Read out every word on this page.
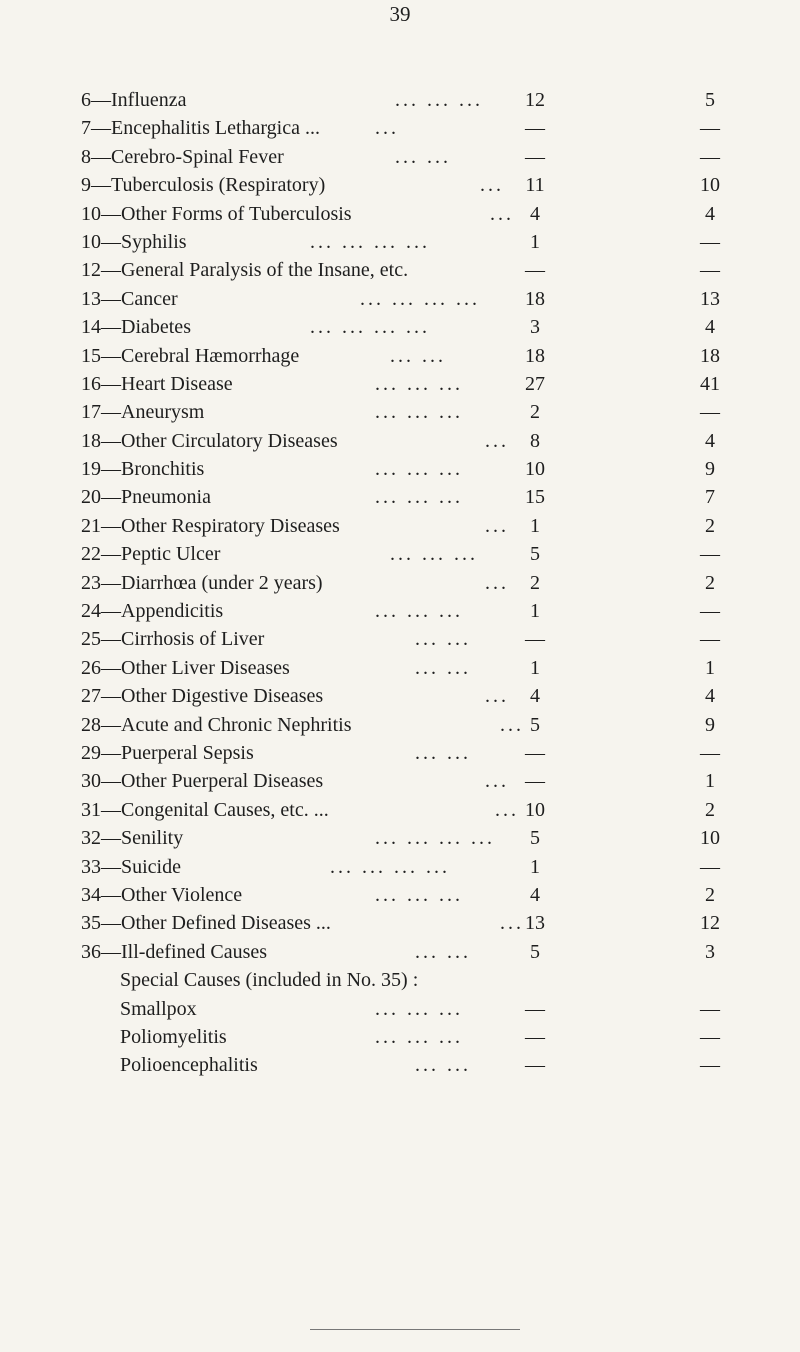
39
6—Influenza	... ... ...	12	5
7—Encephalitis Lethargica ...	...	—	—
8—Cerebro-Spinal Fever	... ...	—	—
9—Tuberculosis (Respiratory)	...	11	10
10—Other Forms of Tuberculosis	... 4	4
10—Syphilis	... ... ... ...	1	—
12—General Paralysis of the Insane, etc.	—	—
13—Cancer	... ... ... ...	18	13
14—Diabetes	... ... ... ...	3	4
15—Cerebral Hæmorrhage	... ...	18	18
16—Heart Disease	... ... ...	27	41
17—Aneurysm	... ... ...	2	—
18—Other Circulatory Diseases	...	8	4
19—Bronchitis	... ... ...	10	9
20—Pneumonia	... ... ...	15	7
21—Other Respiratory Diseases	...	1	2
22—Peptic Ulcer	... ... ...	5	—
23—Diarrhœa (under 2 years)	...	2	2
24—Appendicitis	... ... ...	1	—
25—Cirrhosis of Liver	... ...	—	—
26—Other Liver Diseases	... ...	1	1
27—Other Digestive Diseases	...	4	4
28—Acute and Chronic Nephritis	... 5	9
29—Puerperal Sepsis	... ...	—	—
30—Other Puerperal Diseases	... —	1
31—Congenital Causes, etc. ...	... 10	2
32—Senility	... ... ... ...	5	10
33—Suicide	... ... ... ...	1	—
34—Other Violence	... ... ...	4	2
35—Other Defined Diseases ...	... 13	12
36—Ill-defined Causes	... ...	5	3
Special Causes (included in No. 35) :
Smallpox	... ... ...	—	—
Poliomyelitis	... ... ...	—	—
Polioencephalitis	... ...	—	—
